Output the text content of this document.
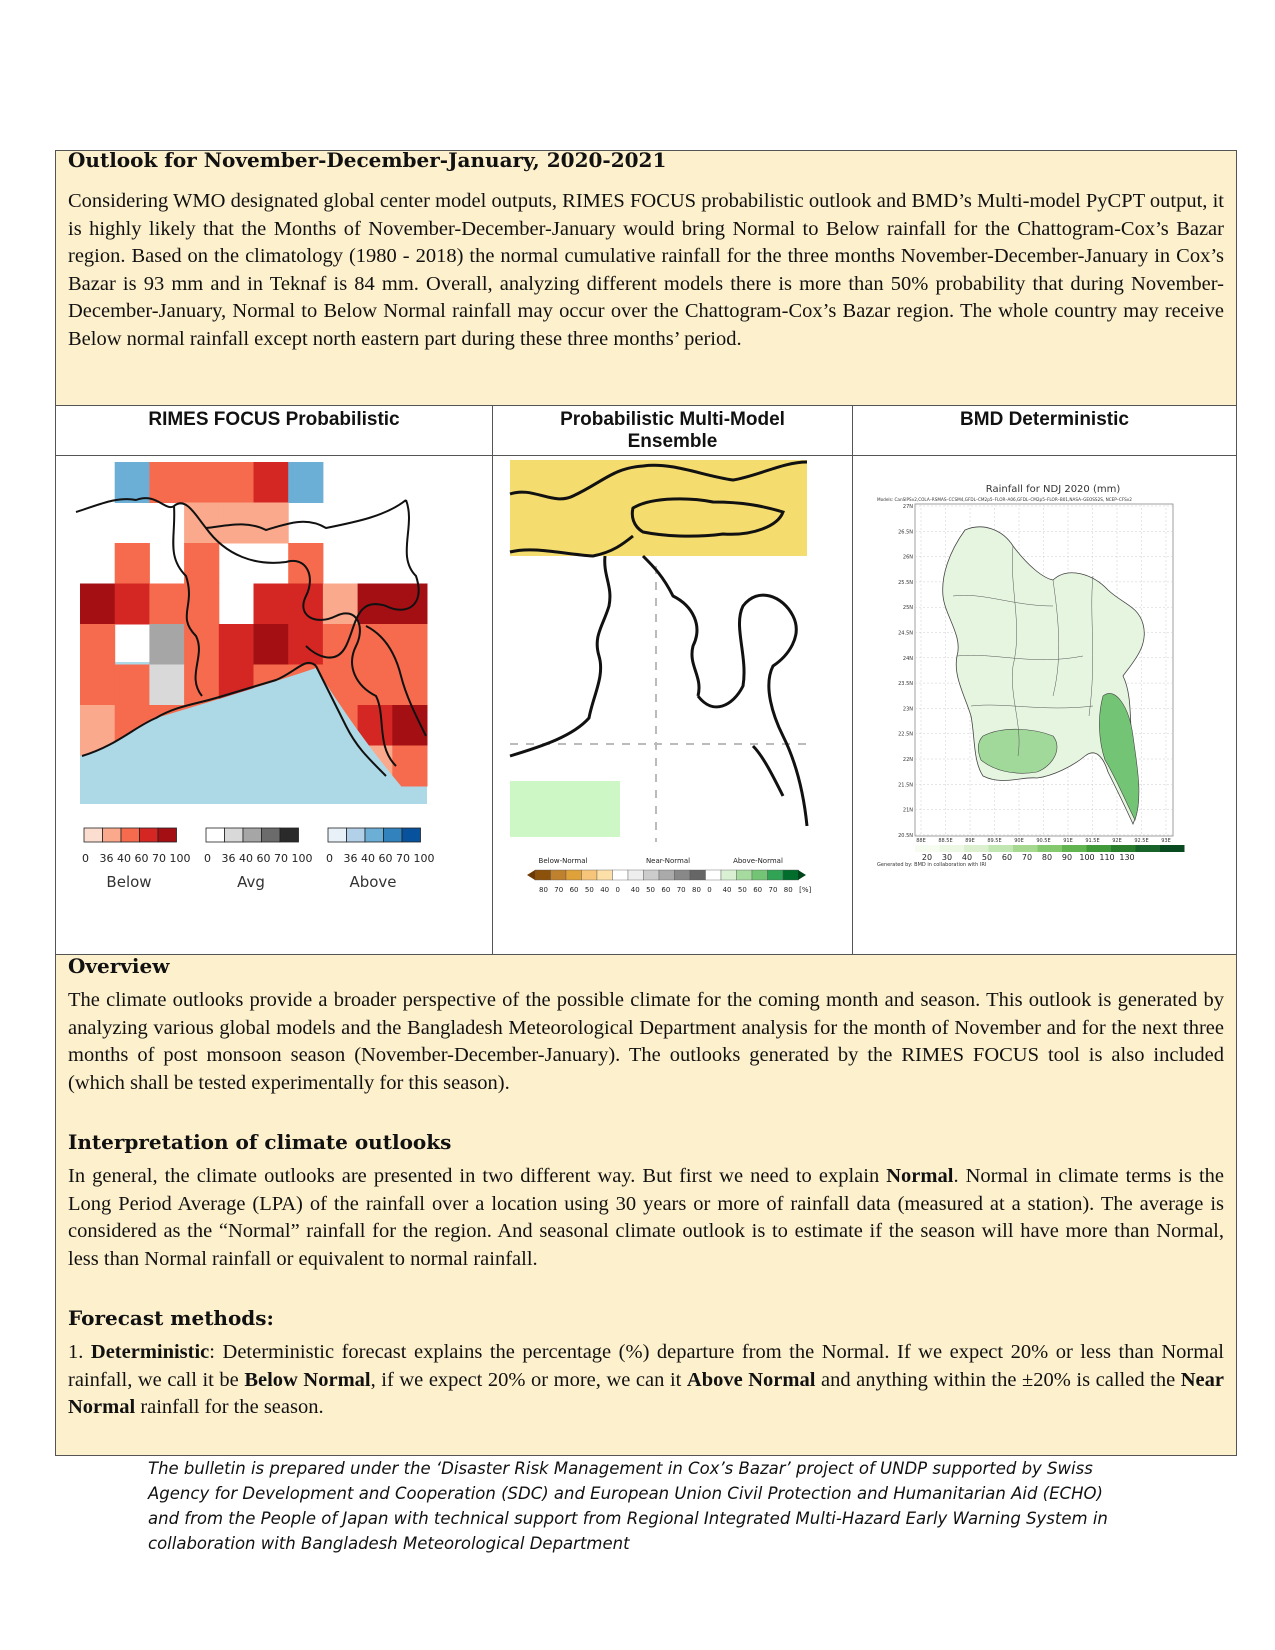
Outlook for November-December-January, 2020-2021

Considering WMO designated global center model outputs, RIMES FOCUS probabilistic outlook and BMD’s Multi-model PyCPT output, it is highly likely that the Months of November-December-January would bring Normal to Below rainfall for the Chattogram-Cox’s Bazar region. Based on the climatology (1980 - 2018) the normal cumulative rainfall for the three months November-December-January in Cox’s Bazar is 93 mm and in Teknaf is 84 mm. Overall, analyzing different models there is more than 50% probability that during November-December-January, Normal to Below Normal rainfall may occur over the Chattogram-Cox’s Bazar region. The whole country may receive Below normal rainfall except north eastern part during these three months’ period.

RIMES FOCUS Probabilistic
0 36 40 60 70 100 0 36 40 60 70 100 0 36 40 60 70 100
Below	Avg	Above
Probabilistic Multi-Model
Ensemble
Below-Normal	Near-Normal	Above-Normal
80 70 60 50 40 0 40 50 60 70 80 0 40 50 60 70 80 [%]
BMD Deterministic
Rainfall for NDJ 2020 (mm)
Models: CanSIPSv2,COLA–RSMAS–CCSM4,GFDL–CM2p5–FLOR–A06,GFDL–CM2p5–FLOR–B01,NASA–GEOSS2S, NCEP–CFSv2
27N
26.5N
26N
25.5N
25N
24.5N
24N
23.5N
23N
22.5N
22N
21.5N
21N
20.5N
88E	88.5E	89E	89.5E	90E	90.5E	91E	91.5E	92E	92.5E	93E
20 30 40 50 60 70 80 90 100 110 130
Generated by: BMD in collaboration with IRI
Overview

The climate outlooks provide a broader perspective of the possible climate for the coming month and season. This outlook is generated by analyzing various global models and the Bangladesh Meteorological Department analysis for the month of November and for the next three months of post monsoon season (November-December-January). The outlooks generated by the RIMES FOCUS tool is also included (which shall be tested experimentally for this season).

Interpretation of climate outlooks

In general, the climate outlooks are presented in two different way. But first we need to explain Normal. Normal in climate terms is the Long Period Average (LPA) of the rainfall over a location using 30 years or more of rainfall data (measured at a station). The average is considered as the “Normal” rainfall for the region. And seasonal climate outlook is to estimate if the season will have more than Normal, less than Normal rainfall or equivalent to normal rainfall.

Forecast methods:

1. Deterministic: Deterministic forecast explains the percentage (%) departure from the Normal. If we expect 20% or less than Normal rainfall, we call it be Below Normal, if we expect 20% or more, we can it Above Normal and anything within the ±20% is called the Near Normal rainfall for the season.

The bulletin is prepared under the ‘Disaster Risk Management in Cox’s Bazar’ project of UNDP supported by Swiss Agency for Development and Cooperation (SDC) and European Union Civil Protection and Humanitarian Aid (ECHO) and from the People of Japan with technical support from Regional Integrated Multi-Hazard Early Warning System in collaboration with Bangladesh Meteorological Department
